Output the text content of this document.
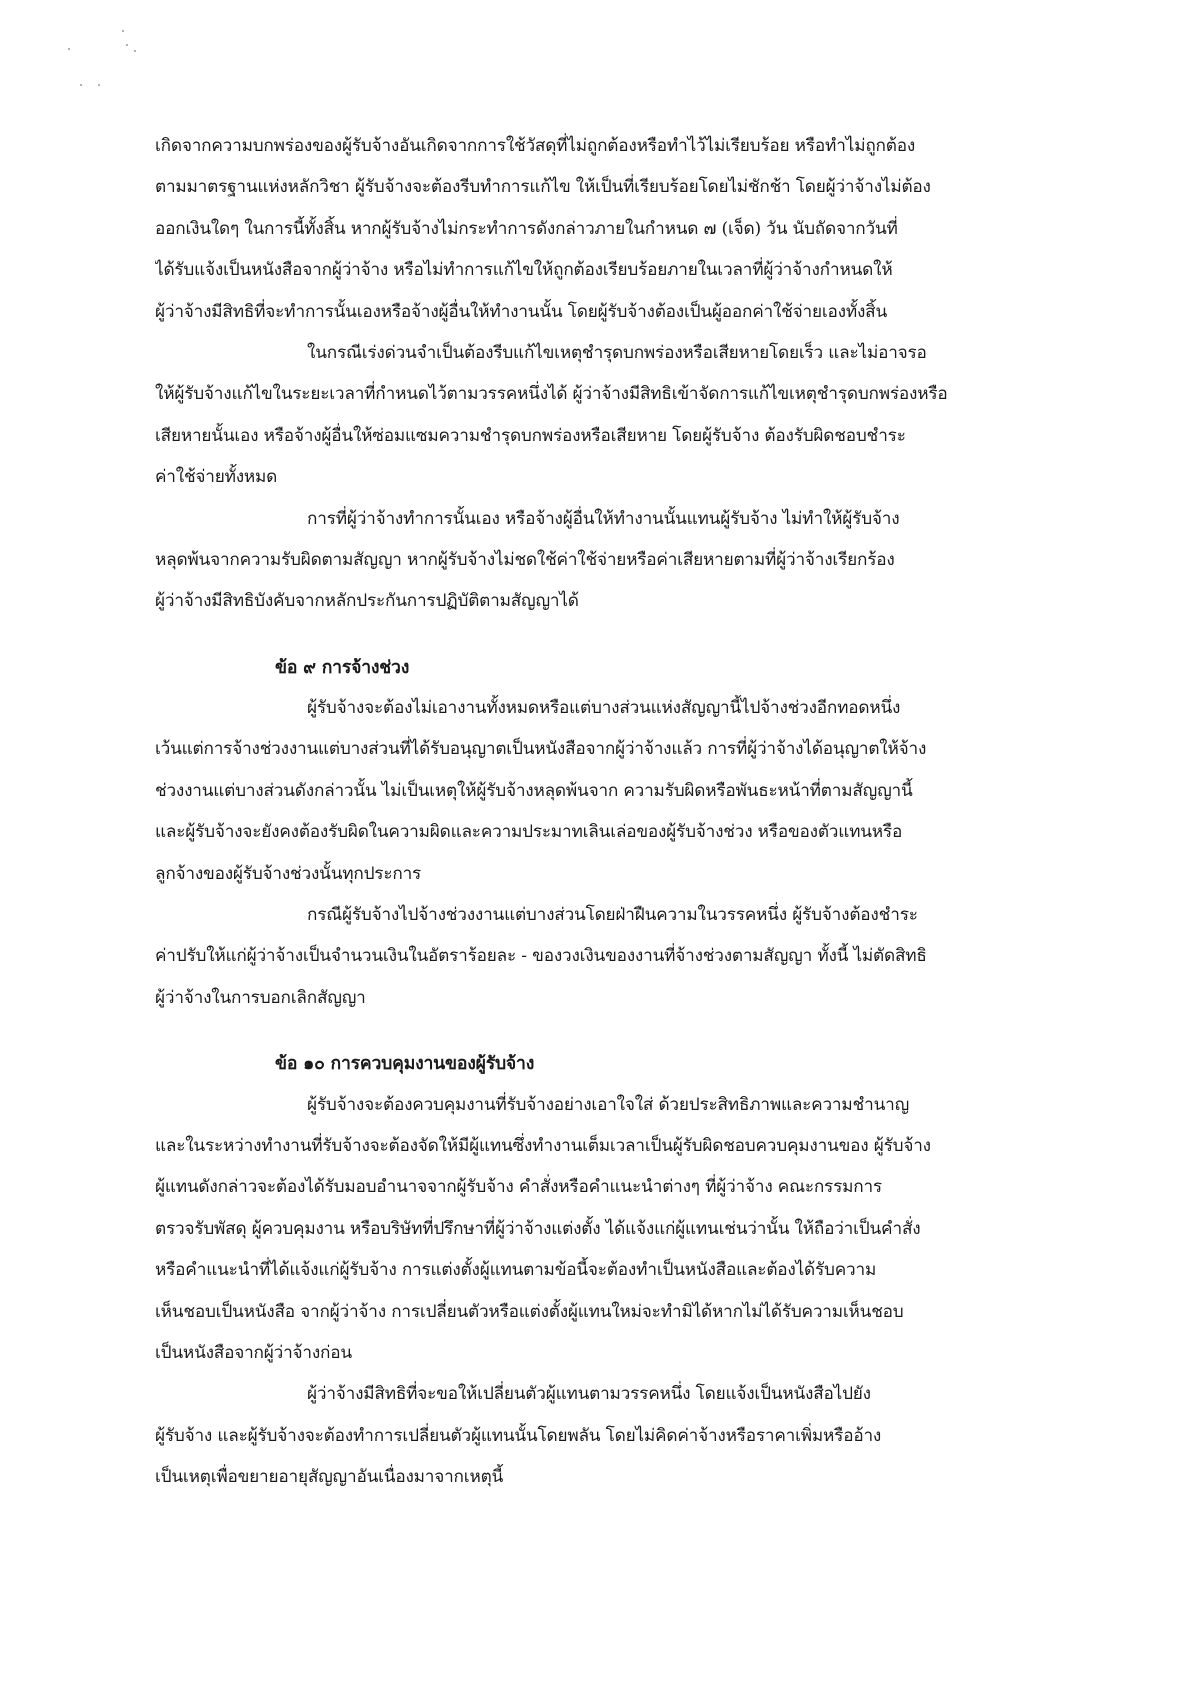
เกิดจากความบกพร่องของผู้รับจ้างอันเกิดจากการใช้วัสดุที่ไม่ถูกต้องหรือทำไว้ไม่เรียบร้อย หรือทำไม่ถูกต้อง
ตามมาตรฐานแห่งหลักวิชา ผู้รับจ้างจะต้องรีบทำการแก้ไข ให้เป็นที่เรียบร้อยโดยไม่ชักช้า โดยผู้ว่าจ้างไม่ต้อง
ออกเงินใดๆ ในการนี้ทั้งสิ้น หากผู้รับจ้างไม่กระทำการดังกล่าวภายในกำหนด ๗ (เจ็ด) วัน นับถัดจากวันที่
ได้รับแจ้งเป็นหนังสือจากผู้ว่าจ้าง หรือไม่ทำการแก้ไขให้ถูกต้องเรียบร้อยภายในเวลาที่ผู้ว่าจ้างกำหนดให้
ผู้ว่าจ้างมีสิทธิที่จะทำการนั้นเองหรือจ้างผู้อื่นให้ทำงานนั้น โดยผู้รับจ้างต้องเป็นผู้ออกค่าใช้จ่ายเองทั้งสิ้น
ในกรณีเร่งด่วนจำเป็นต้องรีบแก้ไขเหตุชำรุดบกพร่องหรือเสียหายโดยเร็ว และไม่อาจรอ
ให้ผู้รับจ้างแก้ไขในระยะเวลาที่กำหนดไว้ตามวรรคหนึ่งได้ ผู้ว่าจ้างมีสิทธิเข้าจัดการแก้ไขเหตุชำรุดบกพร่องหรือ
เสียหายนั้นเอง หรือจ้างผู้อื่นให้ซ่อมแซมความชำรุดบกพร่องหรือเสียหาย โดยผู้รับจ้าง ต้องรับผิดชอบชำระ
ค่าใช้จ่ายทั้งหมด
การที่ผู้ว่าจ้างทำการนั้นเอง หรือจ้างผู้อื่นให้ทำงานนั้นแทนผู้รับจ้าง ไม่ทำให้ผู้รับจ้าง
หลุดพ้นจากความรับผิดตามสัญญา หากผู้รับจ้างไม่ชดใช้ค่าใช้จ่ายหรือค่าเสียหายตามที่ผู้ว่าจ้างเรียกร้อง
ผู้ว่าจ้างมีสิทธิบังคับจากหลักประกันการปฏิบัติตามสัญญาได้
ข้อ ๙ การจ้างช่วง
ผู้รับจ้างจะต้องไม่เอางานทั้งหมดหรือแต่บางส่วนแห่งสัญญานี้ไปจ้างช่วงอีกทอดหนึ่ง
เว้นแต่การจ้างช่วงงานแต่บางส่วนที่ได้รับอนุญาตเป็นหนังสือจากผู้ว่าจ้างแล้ว การที่ผู้ว่าจ้างได้อนุญาตให้จ้าง
ช่วงงานแต่บางส่วนดังกล่าวนั้น ไม่เป็นเหตุให้ผู้รับจ้างหลุดพ้นจาก ความรับผิดหรือพันธะหน้าที่ตามสัญญานี้
และผู้รับจ้างจะยังคงต้องรับผิดในความผิดและความประมาทเลินเล่อของผู้รับจ้างช่วง หรือของตัวแทนหรือ
ลูกจ้างของผู้รับจ้างช่วงนั้นทุกประการ
กรณีผู้รับจ้างไปจ้างช่วงงานแต่บางส่วนโดยฝ่าฝืนความในวรรคหนึ่ง ผู้รับจ้างต้องชำระ
ค่าปรับให้แก่ผู้ว่าจ้างเป็นจำนวนเงินในอัตราร้อยละ - ของวงเงินของงานที่จ้างช่วงตามสัญญา ทั้งนี้ ไม่ตัดสิทธิ
ผู้ว่าจ้างในการบอกเลิกสัญญา
ข้อ ๑๐ การควบคุมงานของผู้รับจ้าง
ผู้รับจ้างจะต้องควบคุมงานที่รับจ้างอย่างเอาใจใส่ ด้วยประสิทธิภาพและความชำนาญ
และในระหว่างทำงานที่รับจ้างจะต้องจัดให้มีผู้แทนซึ่งทำงานเต็มเวลาเป็นผู้รับผิดชอบควบคุมงานของ ผู้รับจ้าง
ผู้แทนดังกล่าวจะต้องได้รับมอบอำนาจจากผู้รับจ้าง คำสั่งหรือคำแนะนำต่างๆ ที่ผู้ว่าจ้าง คณะกรรมการ
ตรวจรับพัสดุ ผู้ควบคุมงาน หรือบริษัทที่ปรึกษาที่ผู้ว่าจ้างแต่งตั้ง ได้แจ้งแก่ผู้แทนเช่นว่านั้น ให้ถือว่าเป็นคำสั่ง
หรือคำแนะนำที่ได้แจ้งแก่ผู้รับจ้าง การแต่งตั้งผู้แทนตามข้อนี้จะต้องทำเป็นหนังสือและต้องได้รับความ
เห็นชอบเป็นหนังสือ จากผู้ว่าจ้าง การเปลี่ยนตัวหรือแต่งตั้งผู้แทนใหม่จะทำมิได้หากไม่ได้รับความเห็นชอบ
เป็นหนังสือจากผู้ว่าจ้างก่อน
ผู้ว่าจ้างมีสิทธิที่จะขอให้เปลี่ยนตัวผู้แทนตามวรรคหนึ่ง โดยแจ้งเป็นหนังสือไปยัง
ผู้รับจ้าง และผู้รับจ้างจะต้องทำการเปลี่ยนตัวผู้แทนนั้นโดยพลัน โดยไม่คิดค่าจ้างหรือราคาเพิ่มหรืออ้าง
เป็นเหตุเพื่อขยายอายุสัญญาอันเนื่องมาจากเหตุนี้
